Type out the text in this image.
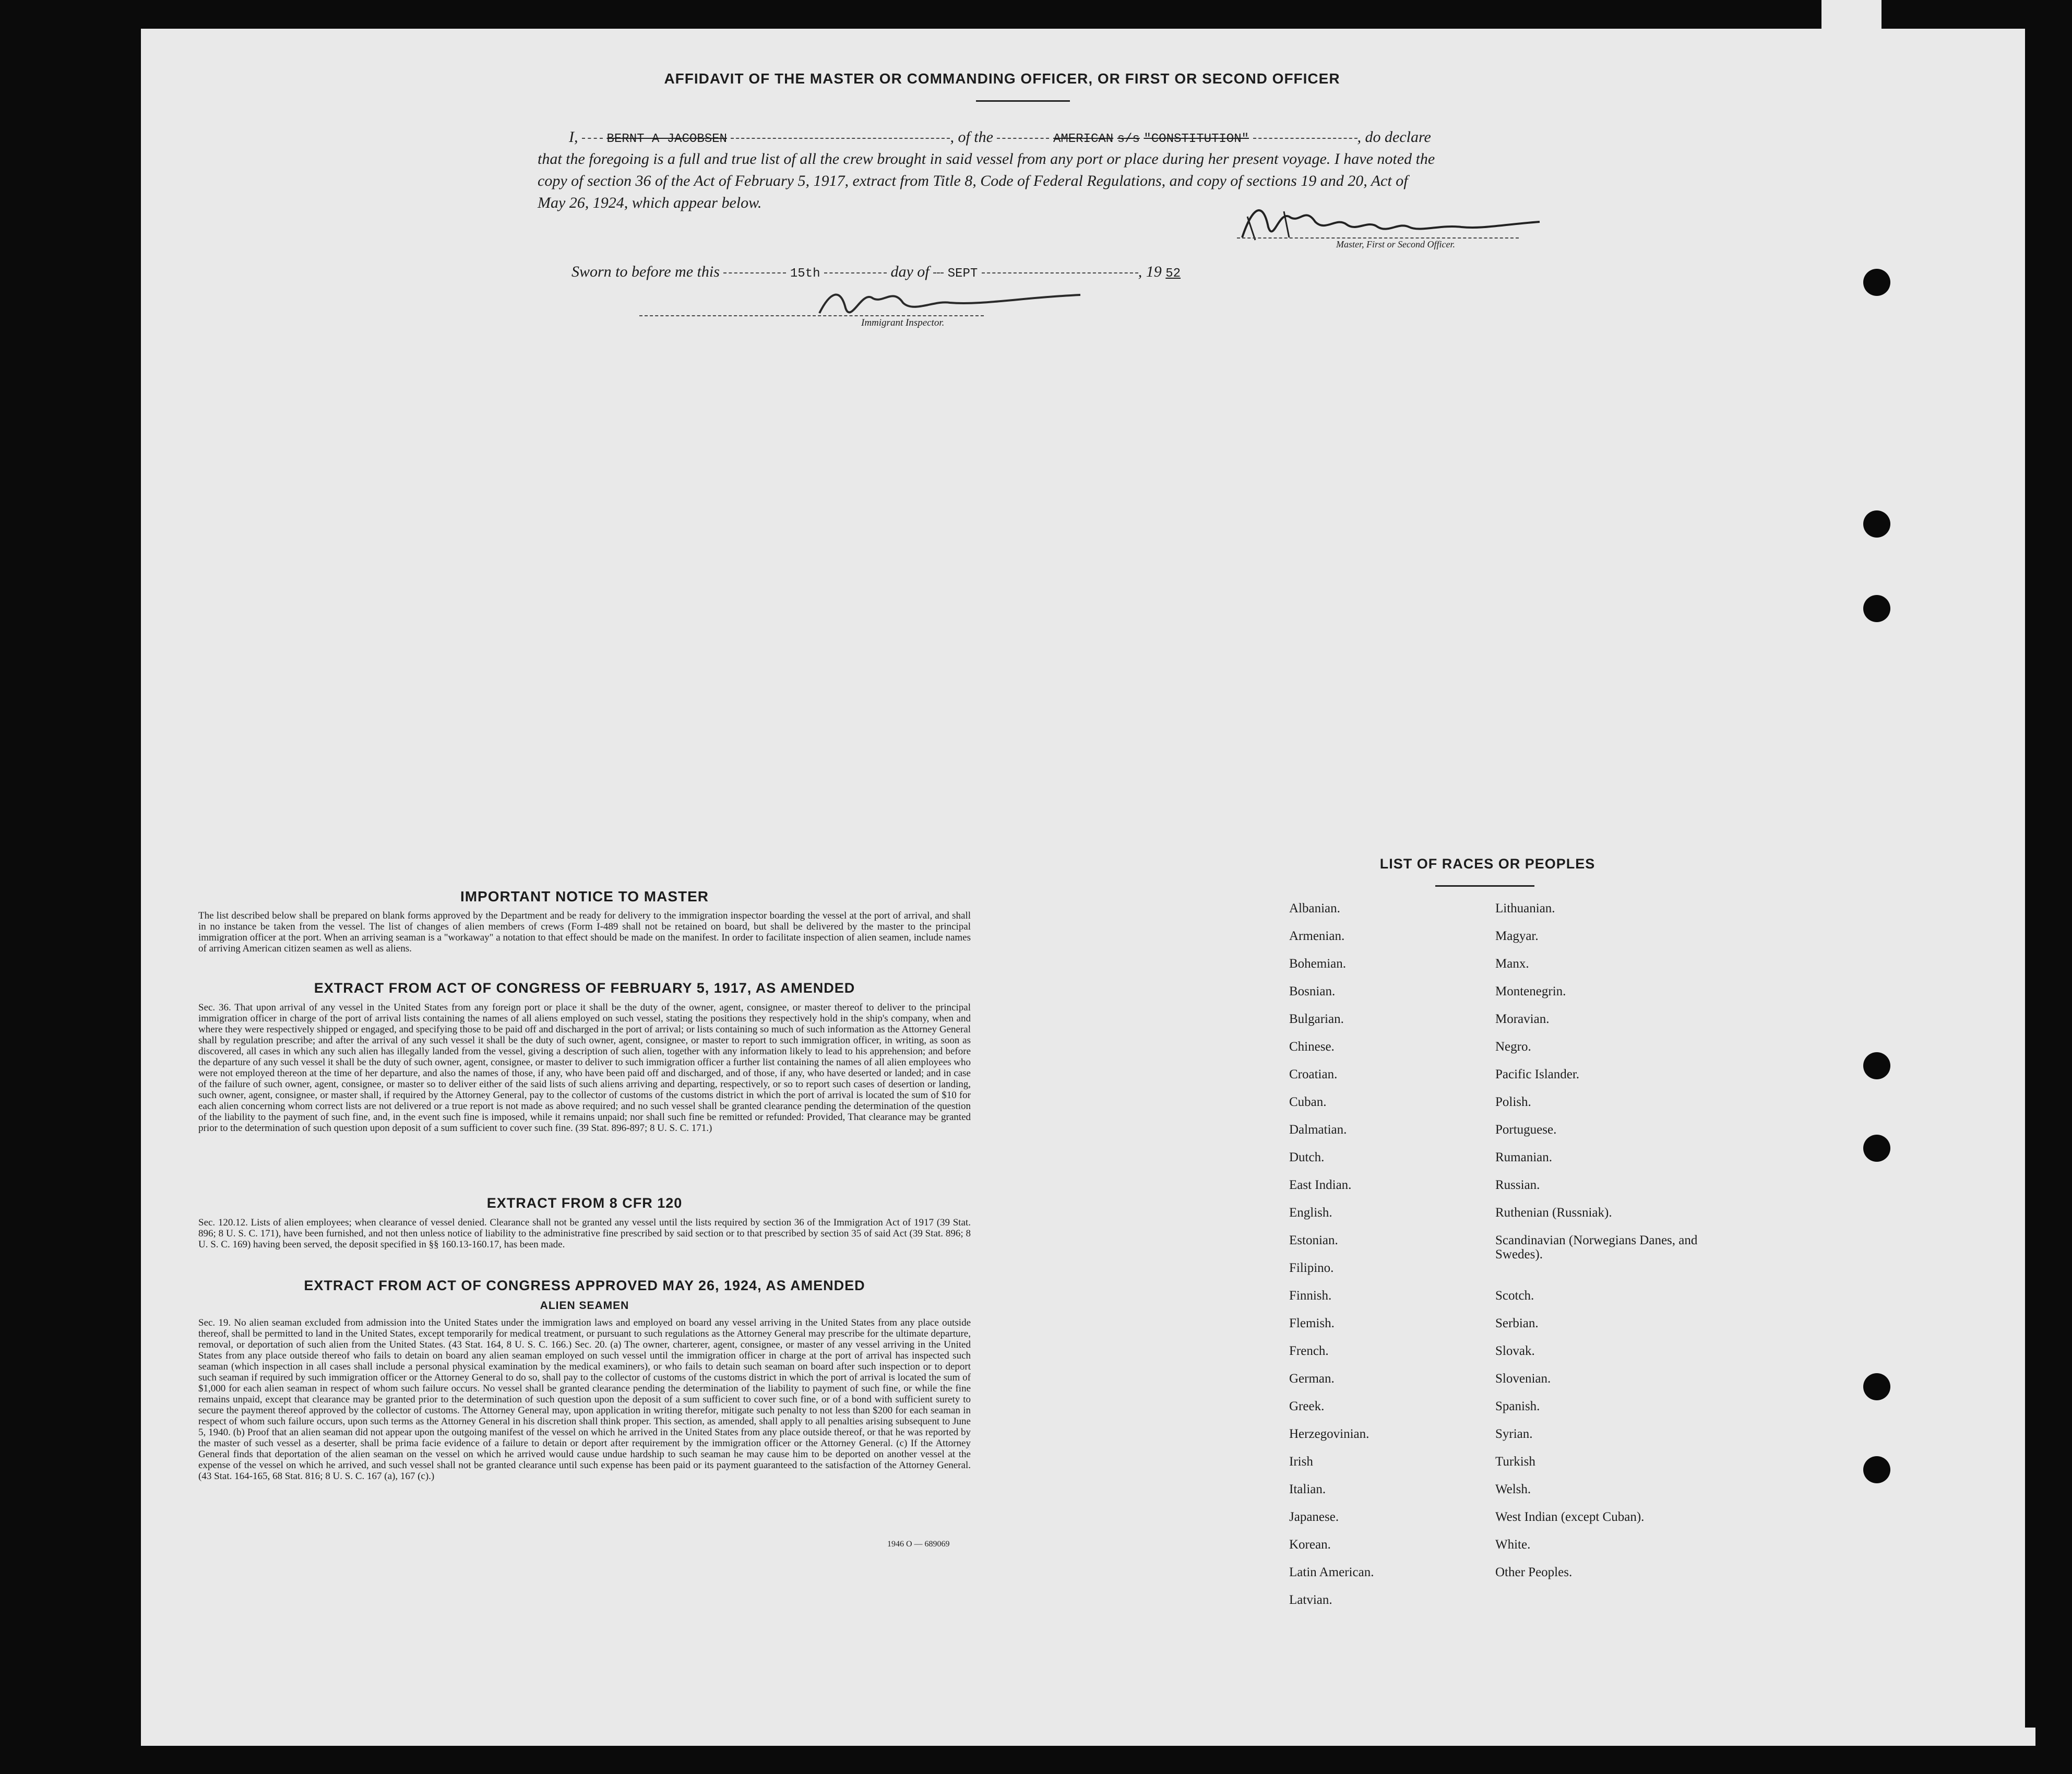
AFFIDAVIT OF THE MASTER OR COMMANDING OFFICER, OR FIRST OR SECOND OFFICER
I, BERNT A JACOBSEN	, of the	AMERICAN s/s "CONSTITUTION"	, do declare
that the foregoing is a full and true list of all the crew brought in said vessel from any port or place during her present voyage. I have noted the
copy of section 36 of the Act of February 5, 1917, extract from Title 8, Code of Federal Regulations, and copy of sections 19 and 20, Act of
May 26, 1924, which appear below.
Master, First or Second Officer.
Sworn to before me this	15th	day of SEPT	, 19 52
Immigrant Inspector.
IMPORTANT NOTICE TO MASTER
The list described below shall be prepared on blank forms approved by the Department and be ready for delivery to the immigration inspector boarding the vessel at the port of arrival, and shall in no instance be taken from the vessel. The list of changes of alien members of crews (Form I-489 shall not be retained on board, but shall be delivered by the master to the principal immigration officer at the port. When an arriving seaman is a "workaway" a notation to that effect should be made on the manifest. In order to facilitate inspection of alien seamen, include names of arriving American citizen seamen as well as aliens.
EXTRACT FROM ACT OF CONGRESS OF FEBRUARY 5, 1917, AS AMENDED
Sec. 36. That upon arrival of any vessel in the United States from any foreign port or place it shall be the duty of the owner, agent, consignee, or master thereof to deliver to the principal immigration officer in charge of the port of arrival lists containing the names of all aliens employed on such vessel, stating the positions they respectively hold in the ship's company, when and where they were respectively shipped or engaged, and specifying those to be paid off and discharged in the port of arrival; or lists containing so much of such information as the Attorney General shall by regulation prescribe; and after the arrival of any such vessel it shall be the duty of such owner, agent, consignee, or master to report to such immigration officer, in writing, as soon as discovered, all cases in which any such alien has illegally landed from the vessel, giving a description of such alien, together with any information likely to lead to his apprehension; and before the departure of any such vessel it shall be the duty of such owner, agent, consignee, or master to deliver to such immigration officer a further list containing the names of all alien employees who were not employed thereon at the time of her departure, and also the names of those, if any, who have been paid off and discharged, and of those, if any, who have deserted or landed; and in case of the failure of such owner, agent, consignee, or master so to deliver either of the said lists of such aliens arriving and departing, respectively, or so to report such cases of desertion or landing, such owner, agent, consignee, or master shall, if required by the Attorney General, pay to the collector of customs of the customs district in which the port of arrival is located the sum of $10 for each alien concerning whom correct lists are not delivered or a true report is not made as above required; and no such vessel shall be granted clearance pending the determination of the question of the liability to the payment of such fine, and, in the event such fine is imposed, while it remains unpaid; nor shall such fine be remitted or refunded: Provided, That clearance may be granted prior to the determination of such question upon deposit of a sum sufficient to cover such fine. (39 Stat. 896-897; 8 U. S. C. 171.)
EXTRACT FROM 8 CFR 120
Sec. 120.12. Lists of alien employees; when clearance of vessel denied. Clearance shall not be granted any vessel until the lists required by section 36 of the Immigration Act of 1917 (39 Stat. 896; 8 U. S. C. 171), have been furnished, and not then unless notice of liability to the administrative fine prescribed by said section or to that prescribed by section 35 of said Act (39 Stat. 896; 8 U. S. C. 169) having been served, the deposit specified in §§ 160.13-160.17, has been made.
EXTRACT FROM ACT OF CONGRESS APPROVED MAY 26, 1924, AS AMENDED
ALIEN SEAMEN
Sec. 19. No alien seaman excluded from admission into the United States under the immigration laws and employed on board any vessel arriving in the United States from any place outside thereof, shall be permitted to land in the United States, except temporarily for medical treatment, or pursuant to such regulations as the Attorney General may prescribe for the ultimate departure, removal, or deportation of such alien from the United States. (43 Stat. 164, 8 U. S. C. 166.) Sec. 20. (a) The owner, charterer, agent, consignee, or master of any vessel arriving in the United States from any place outside thereof who fails to detain on board any alien seaman employed on such vessel until the immigration officer in charge at the port of arrival has inspected such seaman (which inspection in all cases shall include a personal physical examination by the medical examiners), or who fails to detain such seaman on board after such inspection or to deport such seaman if required by such immigration officer or the Attorney General to do so, shall pay to the collector of customs of the customs district in which the port of arrival is located the sum of $1,000 for each alien seaman in respect of whom such failure occurs. No vessel shall be granted clearance pending the determination of the liability to payment of such fine, or while the fine remains unpaid, except that clearance may be granted prior to the determination of such question upon the deposit of a sum sufficient to cover such fine, or of a bond with sufficient surety to secure the payment thereof approved by the collector of customs. The Attorney General may, upon application in writing therefor, mitigate such penalty to not less than $200 for each seaman in respect of whom such failure occurs, upon such terms as the Attorney General in his discretion shall think proper. This section, as amended, shall apply to all penalties arising subsequent to June 5, 1940. (b) Proof that an alien seaman did not appear upon the outgoing manifest of the vessel on which he arrived in the United States from any place outside thereof, or that he was reported by the master of such vessel as a deserter, shall be prima facie evidence of a failure to detain or deport after requirement by the immigration officer or the Attorney General. (c) If the Attorney General finds that deportation of the alien seaman on the vessel on which he arrived would cause undue hardship to such seaman he may cause him to be deported on another vessel at the expense of the vessel on which he arrived, and such vessel shall not be granted clearance until such expense has been paid or its payment guaranteed to the satisfaction of the Attorney General. (43 Stat. 164-165, 68 Stat. 816; 8 U. S. C. 167 (a), 167 (c).)
1946 O — 689069
LIST OF RACES OR PEOPLES
Albanian.
Armenian.
Bohemian.
Bosnian.
Bulgarian.
Chinese.
Croatian.
Cuban.
Dalmatian.
Dutch.
East Indian.
English.
Estonian.
Filipino.
Finnish.
Flemish.
French.
German.
Greek.
Herzegovinian.
Irish
Italian.
Japanese.
Korean.
Latin American.
Latvian.
Lithuanian.
Magyar.
Manx.
Montenegrin.
Moravian.
Negro.
Pacific Islander.
Polish.
Portuguese.
Rumanian.
Russian.
Ruthenian (Russniak).
Scandinavian (Norwegians Danes, and Swedes).
Scotch.
Serbian.
Slovak.
Slovenian.
Spanish.
Syrian.
Turkish
Welsh.
West Indian (except Cuban).
White.
Other Peoples.
